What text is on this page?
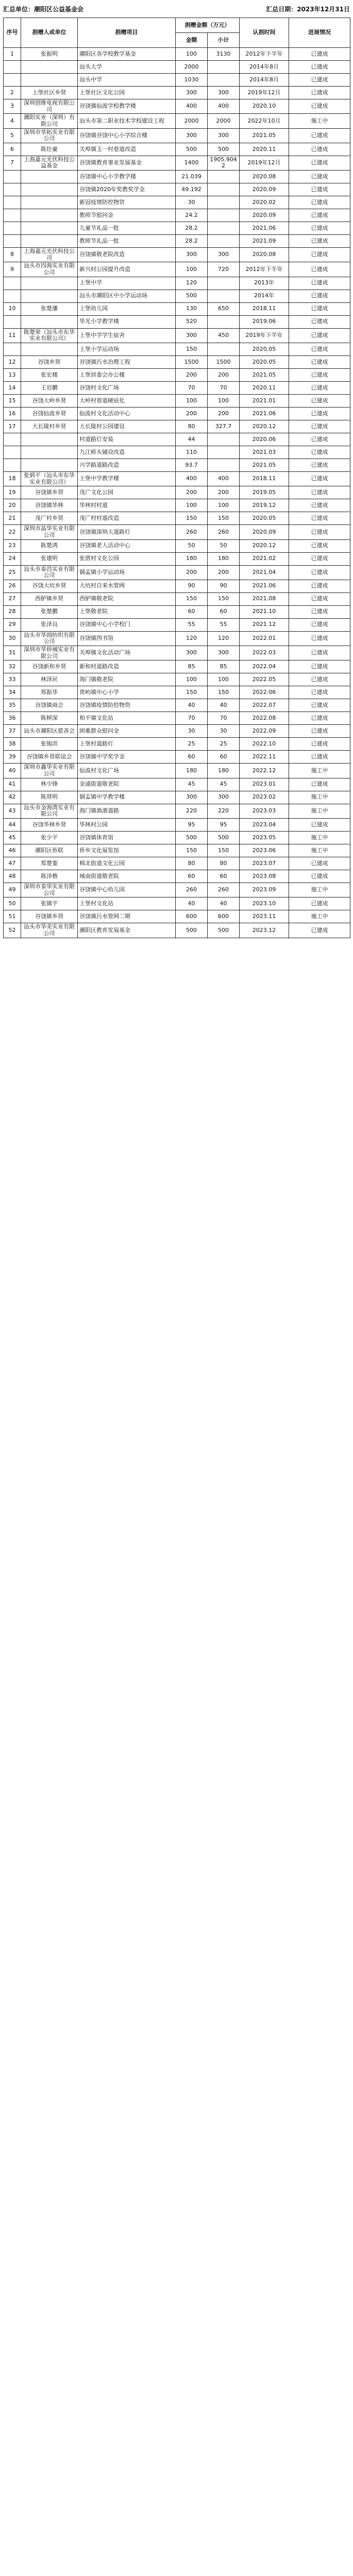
汇总单位：潮阳区公益基金会	汇总日期：2023年12月31日
序号	捐赠人或单位	捐赠项目	捐赠金额（万元）		认捐时间	进展情况
			金额	小计		
1	张振明	潮阳区各学校教学基金	100	3130	2012年下半年	已建成
		汕头大学	2000		2014年8月	已建成
		汕头中学	1030		2014年8月	已建成
2	上堡社区乡贤	上堡社区文化公园	300	300	2019年12月	已建成
3	深圳创维电视有限公司	谷饶镇仙波学校教学楼	400	400	2020.10	已建成
4	潮阳实业（深圳）有限公司	汕头市第二职业技术学校建设工程	2000	2000	2022年10月	施工中
5	深圳市华拓实业有限公司	谷饶镇谷饶中心小学综合楼	300	300	2021.05	已建成
6	陈壮豪	关埠镇玉一村巷道改造	500	500	2020.11	已建成
7	上海嘉元光伏科技公益基金	谷饶镇教育事业发展基金	1400	1905.9042	2019年12月	已建成
		谷饶镇中心小学教学楼	21.039		2020.08	已建成
		谷饶镇2020年奖教奖学金	49.192		2020.09	已建成
		新冠疫情防控物资	30		2020.02	已建成
		教师节慰问金	24.2		2020.09	已建成
		儿童节礼品一批	28.2		2021.06	已建成
		教师节礼品一批	28.2		2021.09	已建成
8	上海嘉元光伏科技公司	谷饶镇敬老院改造	300	300	2020.08	已建成
9	汕头市四海实业有限公司	新兴村公园提升改造	100	720	2012年下半年	已建成
		上堡中学	120		2013年	已建成
		汕头市潮阳区中小学运动场	500		2014年	已建成
10	张楚藩	上堡幼儿园	130	650	2018.11	已建成
		华光小学教学楼	520		2019.06	已建成
11	陈楚荣（汕头市东华实业有限公司）	上堡中学学生宿舍	300	450	2019年下半年	已建成
		上堡小学运动场	150		2020.05	已建成
12	谷饶乡贤	谷饶镇污水治理工程	1500	1500	2020.05	已建成
13	张宏楼	上堡居委会办公楼	200	200	2021.05	已建成
14	王岩鹏	谷饶村文化广场	70	70	2020.11	已建成
15	谷饶大岭乡贤	大岭村巷道硬底化	100	100	2021.01	已建成
16	谷饶仙波乡贤	仙波村文化活动中心	200	200	2021.06	已建成
17	大长陇村乡贤	大长陇村公园建设	80	327.7	2020.12	已建成
		村道路灯安装	44		2020.06	已建成
		九江桥头铺设改造	110		2021.03	已建成
		兴学路道路改造	93.7		2021.05	已建成
18	张炳平（汕头市东华实业有限公司）	上堡中学教学楼	400	400	2018.11	已建成
19	谷饶镇乡贤	茂广文化公园	200	200	2019.05	已建成
20	谷饶镇华林	华林村村道	100	100	2019.12	已建成
21	茂广村乡贤	茂广村村道改造	150	150	2020.05	已建成
22	深圳市晶华实业有限公司	谷饶镇深圳大道路灯	260	260	2020.09	已建成
23	陈楚鸿	谷饶镇老人活动中心	50	50	2020.12	已建成
24	张建明	张厝村文化公园	180	180	2021.02	已建成
25	汕头市泰昌实业有限公司	铜孟镇小学运动场	200	200	2021.04	已建成
26	谷饶大坑乡贤	大坑村自来水管网	90	90	2021.06	已建成
27	西胪镇乡贤	西胪镇敬老院	150	150	2021.08	已建成
28	张楚鹏	上堡敬老院	60	60	2021.10	已建成
29	张泽良	谷饶镇中心小学校门	55	55	2021.12	已建成
30	汕头市华润纺织有限公司	谷饶镇图书馆	120	120	2022.01	已建成
31	深圳市华侨城实业有限公司	关埠镇文化活动广场	300	300	2022.03	已建成
32	谷饶新和乡贤	新和村道路改造	85	85	2022.04	已建成
33	林泽民	海门镇敬老院	100	100	2022.05	已建成
34	郑振华	贵屿镇中心小学	150	150	2022.06	已建成
35	谷饶镇商会	谷饶镇疫情防控物资	40	40	2022.07	已建成
36	陈树深	和平镇文化站	70	70	2022.08	已建成
37	汕头市潮阳区慈善会	困难群众慰问金	30	30	2022.09	已建成
38	张锡洪	上堡村道路灯	25	25	2022.10	已建成
39	谷饶镇乡贤联谊会	谷饶镇中学奖学金	60	60	2022.11	已建成
40	深圳市鑫华实业有限公司	仙波村文化广场	180	180	2022.12	施工中
41	林少锋	金浦街道敬老院	45	45	2023.01	已建成
42	陈贤明	铜盂镇中学教学楼	300	300	2023.02	施工中
43	汕头市金海湾实业有限公司	海门镇渔港道路	220	220	2023.03	施工中
44	谷饶华林乡贤	华林村公园	95	95	2023.04	已建成
45	张少平	谷饶镇体育馆	500	500	2023.05	施工中
46	潮阳区侨联	侨乡文化展览馆	150	150	2023.06	施工中
47	郑楚銮	棉北街道文化公园	80	80	2023.07	已建成
48	陈泽楷	城南街道敬老院	60	60	2023.08	已建成
49	深圳市泰华实业有限公司	谷饶镇中心幼儿园	260	260	2023.09	施工中
50	张镇宇	上堡村文化站	40	40	2023.10	已建成
51	谷饶镇乡贤	谷饶镇污水管网二期	600	600	2023.11	施工中
52	汕头市华美实业有限公司	潮阳区教育发展基金	500	500	2023.12	已建成
